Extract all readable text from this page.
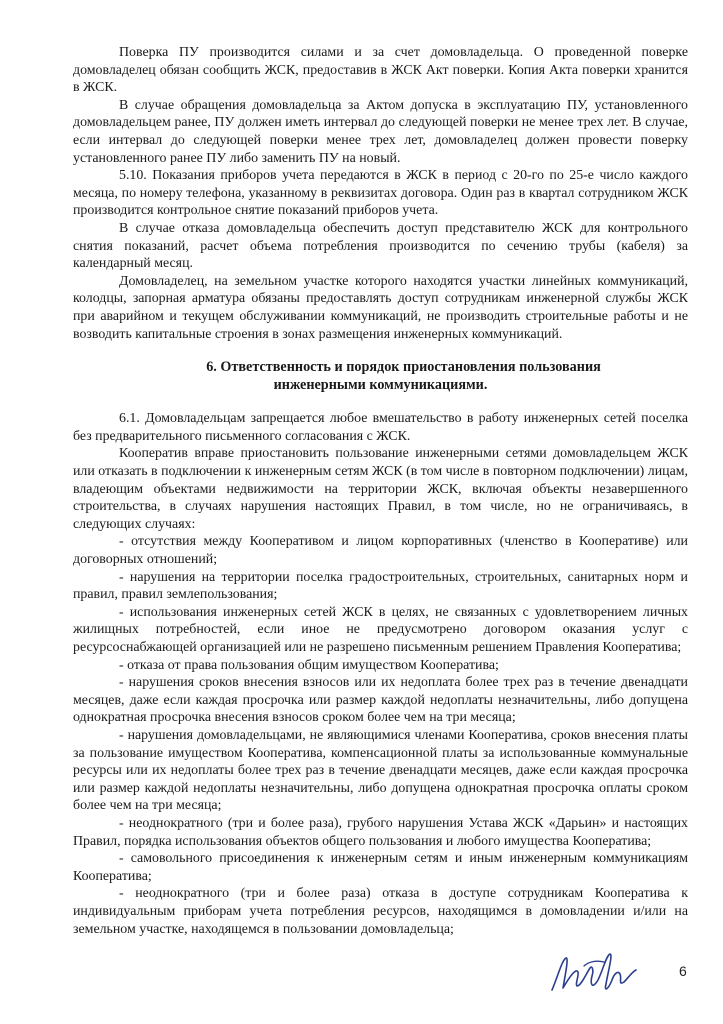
Поверка ПУ производится силами и за счет домовладельца. О проведенной поверке домовладелец обязан сообщить ЖСК, предоставив в ЖСК Акт поверки. Копия Акта поверки хранится в ЖСК.

В случае обращения домовладельца за Актом допуска в эксплуатацию ПУ, установленного домовладельцем ранее, ПУ должен иметь интервал до следующей поверки не менее трех лет. В случае, если интервал до следующей поверки менее трех лет, домовладелец должен провести поверку установленного ранее ПУ либо заменить ПУ на новый.

5.10. Показания приборов учета передаются в ЖСК в период с 20-го по 25-е число каждого месяца, по номеру телефона, указанному в реквизитах договора. Один раз в квартал сотрудником ЖСК производится контрольное снятие показаний приборов учета.

В случае отказа домовладельца обеспечить доступ представителю ЖСК для контрольного снятия показаний, расчет объема потребления производится по сечению трубы (кабеля) за календарный месяц.

Домовладелец, на земельном участке которого находятся участки линейных коммуникаций, колодцы, запорная арматура обязаны предоставлять доступ сотрудникам инженерной службы ЖСК при аварийном и текущем обслуживании коммуникаций, не производить строительные работы и не возводить капитальные строения в зонах размещения инженерных коммуникаций.

6. Ответственность и порядок приостановления пользования
инженерными коммуникациями.

6.1. Домовладельцам запрещается любое вмешательство в работу инженерных сетей поселка без предварительного письменного согласования с ЖСК.

Кооператив вправе приостановить пользование инженерными сетями домовладельцем ЖСК или отказать в подключении к инженерным сетям ЖСК (в том числе в повторном подключении) лицам, владеющим объектами недвижимости на территории ЖСК, включая объекты незавершенного строительства, в случаях нарушения настоящих Правил, в том числе, но не ограничиваясь, в следующих случаях:

- отсутствия между Кооперативом и лицом корпоративных (членство в Кооперативе) или договорных отношений;

- нарушения на территории поселка градостроительных, строительных, санитарных норм и правил, правил землепользования;

- использования инженерных сетей ЖСК в целях, не связанных с удовлетворением личных жилищных потребностей, если иное не предусмотрено договором оказания услуг с ресурсоснабжающей организацией или не разрешено письменным решением Правления Кооператива;

- отказа от права пользования общим имуществом Кооператива;

- нарушения сроков внесения взносов или их недоплата более трех раз в течение двенадцати месяцев, даже если каждая просрочка или размер каждой недоплаты незначительны, либо допущена однократная просрочка внесения взносов сроком более чем на три месяца;

- нарушения домовладельцами, не являющимися членами Кооператива, сроков внесения платы за пользование имуществом Кооператива, компенсационной платы за использованные коммунальные ресурсы или их недоплаты более трех раз в течение двенадцати месяцев, даже если каждая просрочка или размер каждой недоплаты незначительны, либо допущена однократная просрочка оплаты сроком более чем на три месяца;

- неоднократного (три и более раза), грубого нарушения Устава ЖСК «Дарьин» и настоящих Правил, порядка использования объектов общего пользования и любого имущества Кооператива;

- самовольного присоединения к инженерным сетям и иным инженерным коммуникациям Кооператива;

- неоднократного (три и более раза) отказа в доступе сотрудникам Кооператива к индивидуальным приборам учета потребления ресурсов, находящимся в домовладении и/или на земельном участке, находящемся в пользовании домовладельца;

6
